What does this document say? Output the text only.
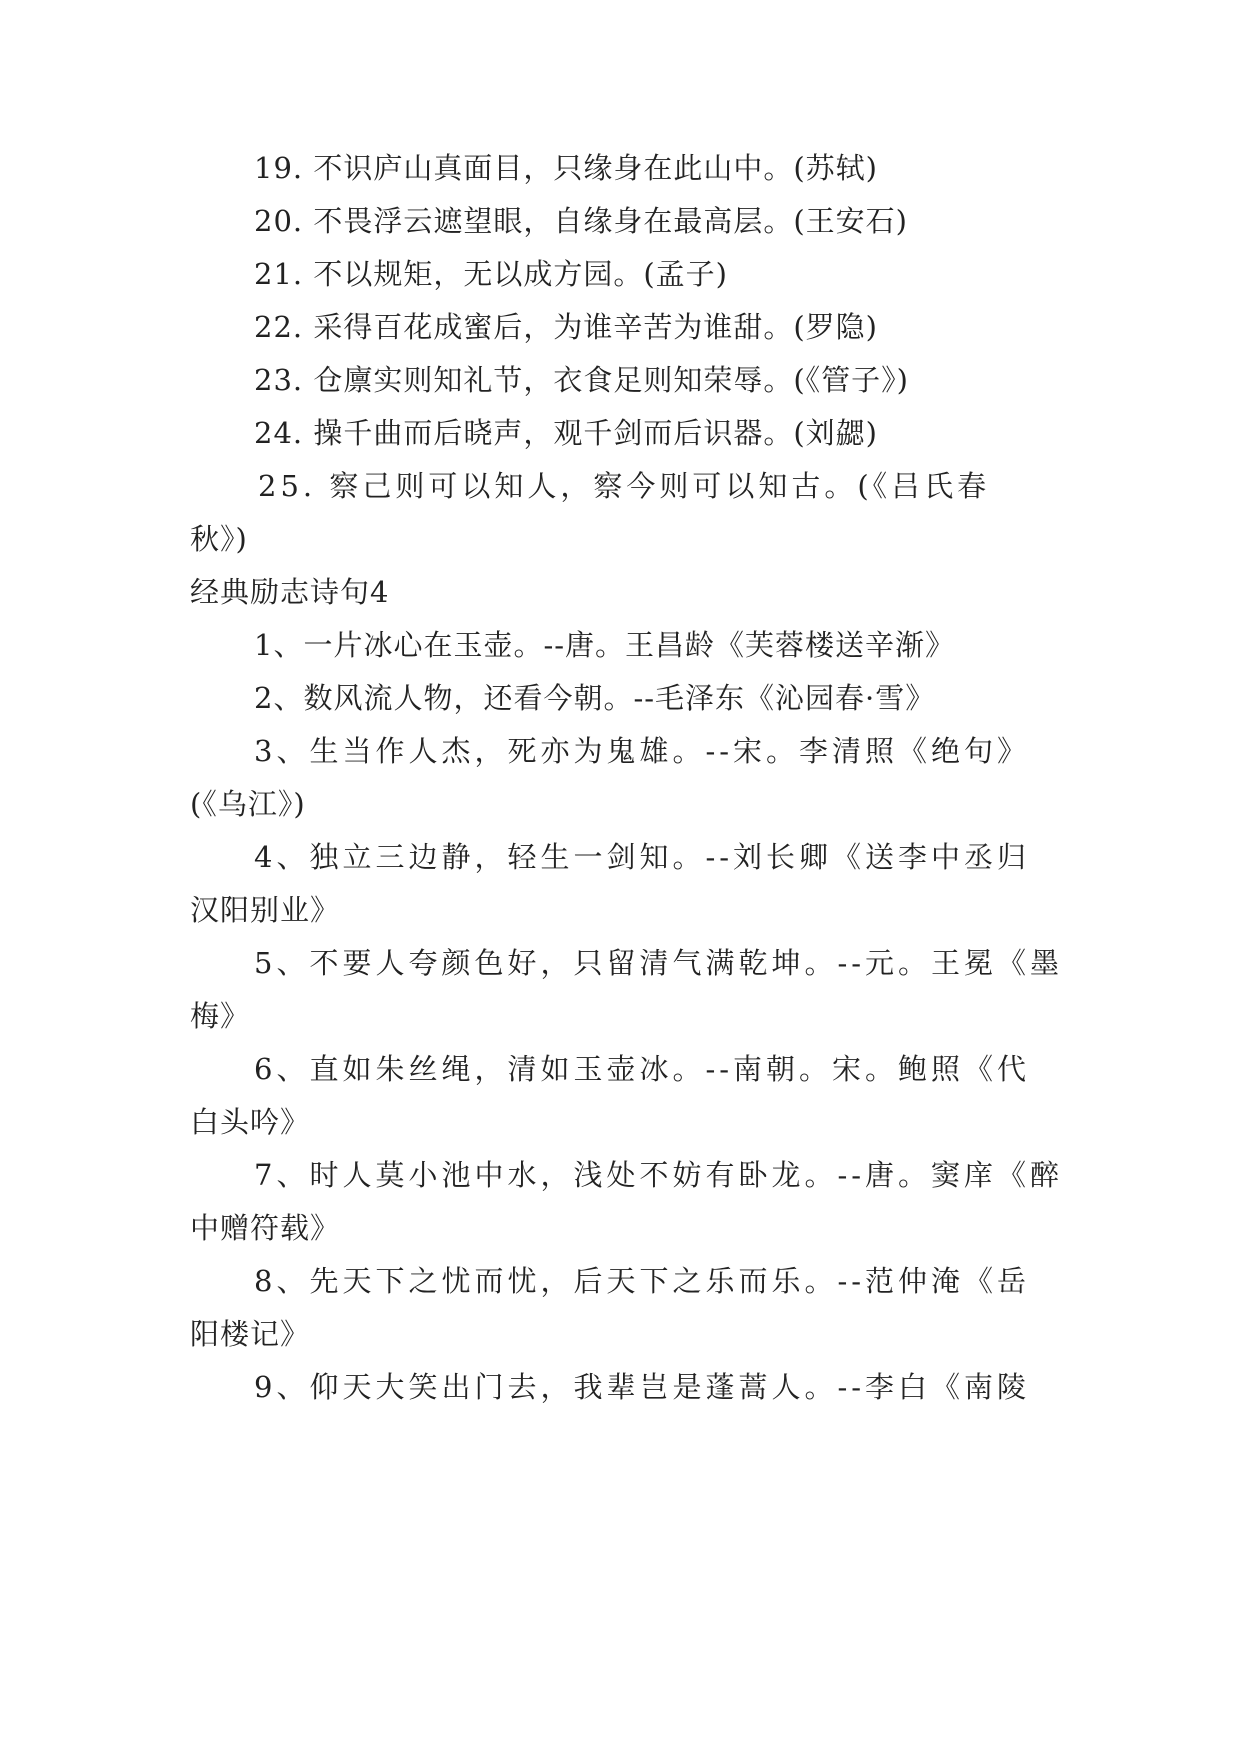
19. 不识庐山真面目，只缘身在此山中。(苏轼)
20. 不畏浮云遮望眼，自缘身在最高层。(王安石)
21. 不以规矩，无以成方园。(孟子)
22. 采得百花成蜜后，为谁辛苦为谁甜。(罗隐)
23. 仓廪实则知礼节，衣食足则知荣辱。(《管子》)
24. 操千曲而后晓声，观千剑而后识器。(刘勰)
25. 察己则可以知人，察今则可以知古。(《吕氏春
秋》)
经典励志诗句4
1、一片冰心在玉壶。--唐。王昌龄《芙蓉楼送辛渐》
2、数风流人物，还看今朝。--毛泽东《沁园春·雪》
3、生当作人杰，死亦为鬼雄。--宋。李清照《绝句》
(《乌江》)
4、独立三边静，轻生一剑知。--刘长卿《送李中丞归
汉阳别业》
5、不要人夸颜色好，只留清气满乾坤。--元。王冕《墨
梅》
6、直如朱丝绳，清如玉壶冰。--南朝。宋。鲍照《代
白头吟》
7、时人莫小池中水，浅处不妨有卧龙。--唐。窦庠《醉
中赠符载》
8、先天下之忧而忧，后天下之乐而乐。--范仲淹《岳
阳楼记》
9、仰天大笑出门去，我辈岂是蓬蒿人。--李白《南陵
